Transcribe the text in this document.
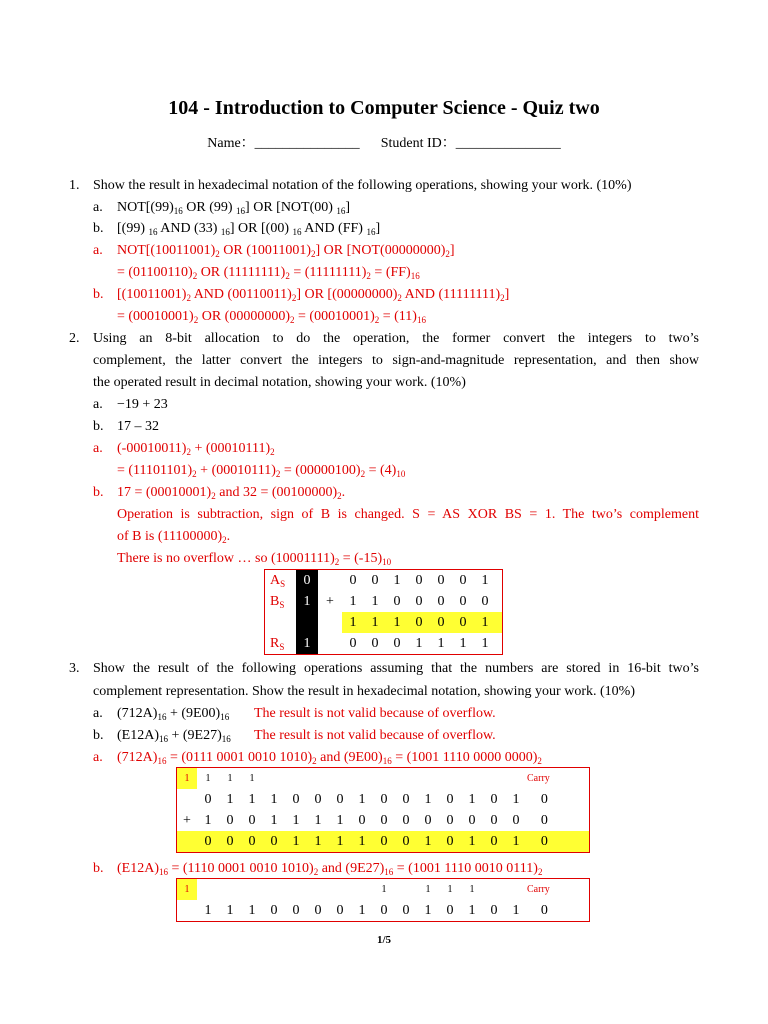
104 - Introduction to Computer Science - Quiz two
Name：_______________ Student ID：_______________
1. Show the result in hexadecimal notation of the following operations, showing your work. (10%)
a. $NOT[(99)_{16}$ OR (99) $_{16}$] OR [NOT(00) $_{16}$]
b. [(99) $_{16}$ AND (33) $_{16}$] OR [(00) $_{16}$ AND (FF) $_{16}$]
a. $NOT[(10011001)_2$ OR $(10011001)_2$] OR $[NOT(00000000)_2]$
= $(01100110)_2$ OR $(11111111)_2 = (11111111)_2 = (FF)_{16}$
b. [$(10011001)_2$ AND $(00110011)_2$] OR [$(00000000)_2$ AND $(11111111)_2$]
= $(00010001)_2$ OR $(00000000)_2 = (00010001)_2 = (11)_{16}$
2. Using an 8-bit allocation to do the operation, the former convert the integers to two’s
complement, the latter convert the integers to sign-and-magnitude representation, and then show
the operated result in decimal notation, showing your work. (10%)
a. −19 + 23
b. 17 – 32
a. $(-00010011)_2 + (00010111)_2$
= $(11101101)_2 + (00010111)_2 = (00000100)_2 = (4)_{10}$
b. $17 = (00010001)_2$ and $32 = (00100000)_2$.
Operation is subtraction, sign of B is changed. S = AS XOR BS = 1. The two’s complement
of B is $(11100000)_2$.
There is no overflow … so $(10001111)_2 = (-15)_{10}$
$A_S$	0		0	0	1	0	0	0	1	
$B_S$	1	+	1	1	0	0	0	0	0	
			1	1	1	0	0	0	1	
$R_S$	1		0	0	0	1	1	1	1	
3. Show the result of the following operations assuming that the numbers are stored in 16-bit two’s
complement representation. Show the result in hexadecimal notation, showing your work. (10%)
a. $(712A)_{16} + (9E00)_{16}$ The result is not valid because of overflow.
b. $(E12A)_{16} + (9E27)_{16}$ The result is not valid because of overflow.
a. $(712A)_{16} = (0111$ 0001 0010 $1010)_2$ and $(9E00)_{16} = (1001$ 1110 0000 $0000)_2$
1	1	1	1													Carry	
	0	1	1	1	0	0	0	1	0	0	1	0	1	0	1	0	
+	1	0	0	1	1	1	1	0	0	0	0	0	0	0	0	0	
	0	0	0	0	1	1	1	1	0	0	1	0	1	0	1	0	
b. $(E12A)_{16} = (1110$ 0001 0010 $1010)_2$ and $(9E27)_{16} = (1001$ 1110 0010 $0111)_2$
1									1		1	1	1			Carry	
	1	1	1	0	0	0	0	1	0	0	1	0	1	0	1	0	
1/5
